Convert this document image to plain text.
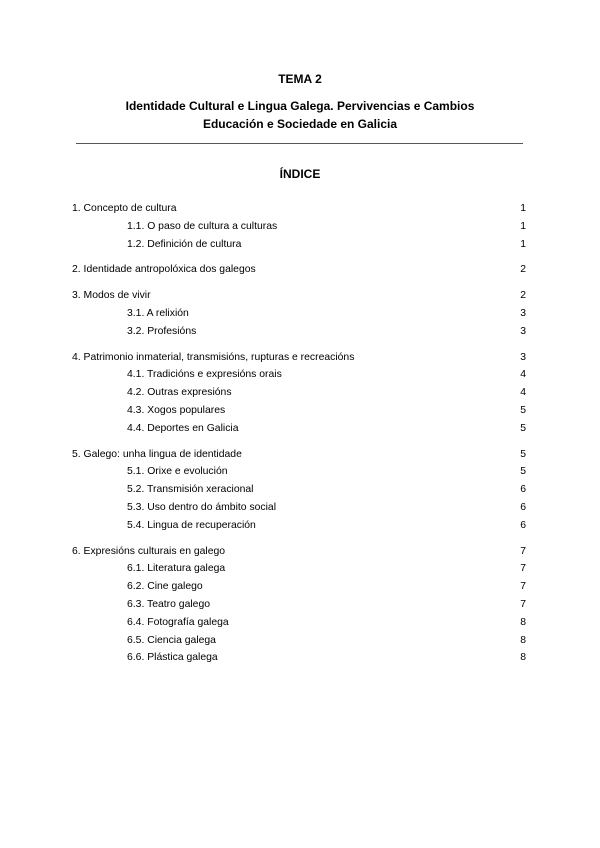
TEMA 2
Identidade Cultural e Lingua Galega. Pervivencias e Cambios
Educación e Sociedade en Galicia
ÍNDICE
1. Concepto de cultura	1
1.1. O paso de cultura a culturas	1
1.2. Definición de cultura	1
2. Identidade antropolóxica dos galegos	2
3. Modos de vivir	2
3.1. A relixión	3
3.2. Profesións	3
4. Patrimonio inmaterial, transmisións, rupturas e recreacións	3
4.1. Tradicións e expresións orais	4
4.2. Outras expresións	4
4.3. Xogos populares	5
4.4. Deportes en Galicia	5
5. Galego: unha lingua de identidade	5
5.1. Orixe e evolución	5
5.2. Transmisión xeracional	6
5.3. Uso dentro do ámbito social	6
5.4. Lingua de recuperación	6
6. Expresións culturais en galego	7
6.1. Literatura galega	7
6.2. Cine galego	7
6.3. Teatro galego	7
6.4. Fotografía galega	8
6.5. Ciencia galega	8
6.6. Plástica galega	8
